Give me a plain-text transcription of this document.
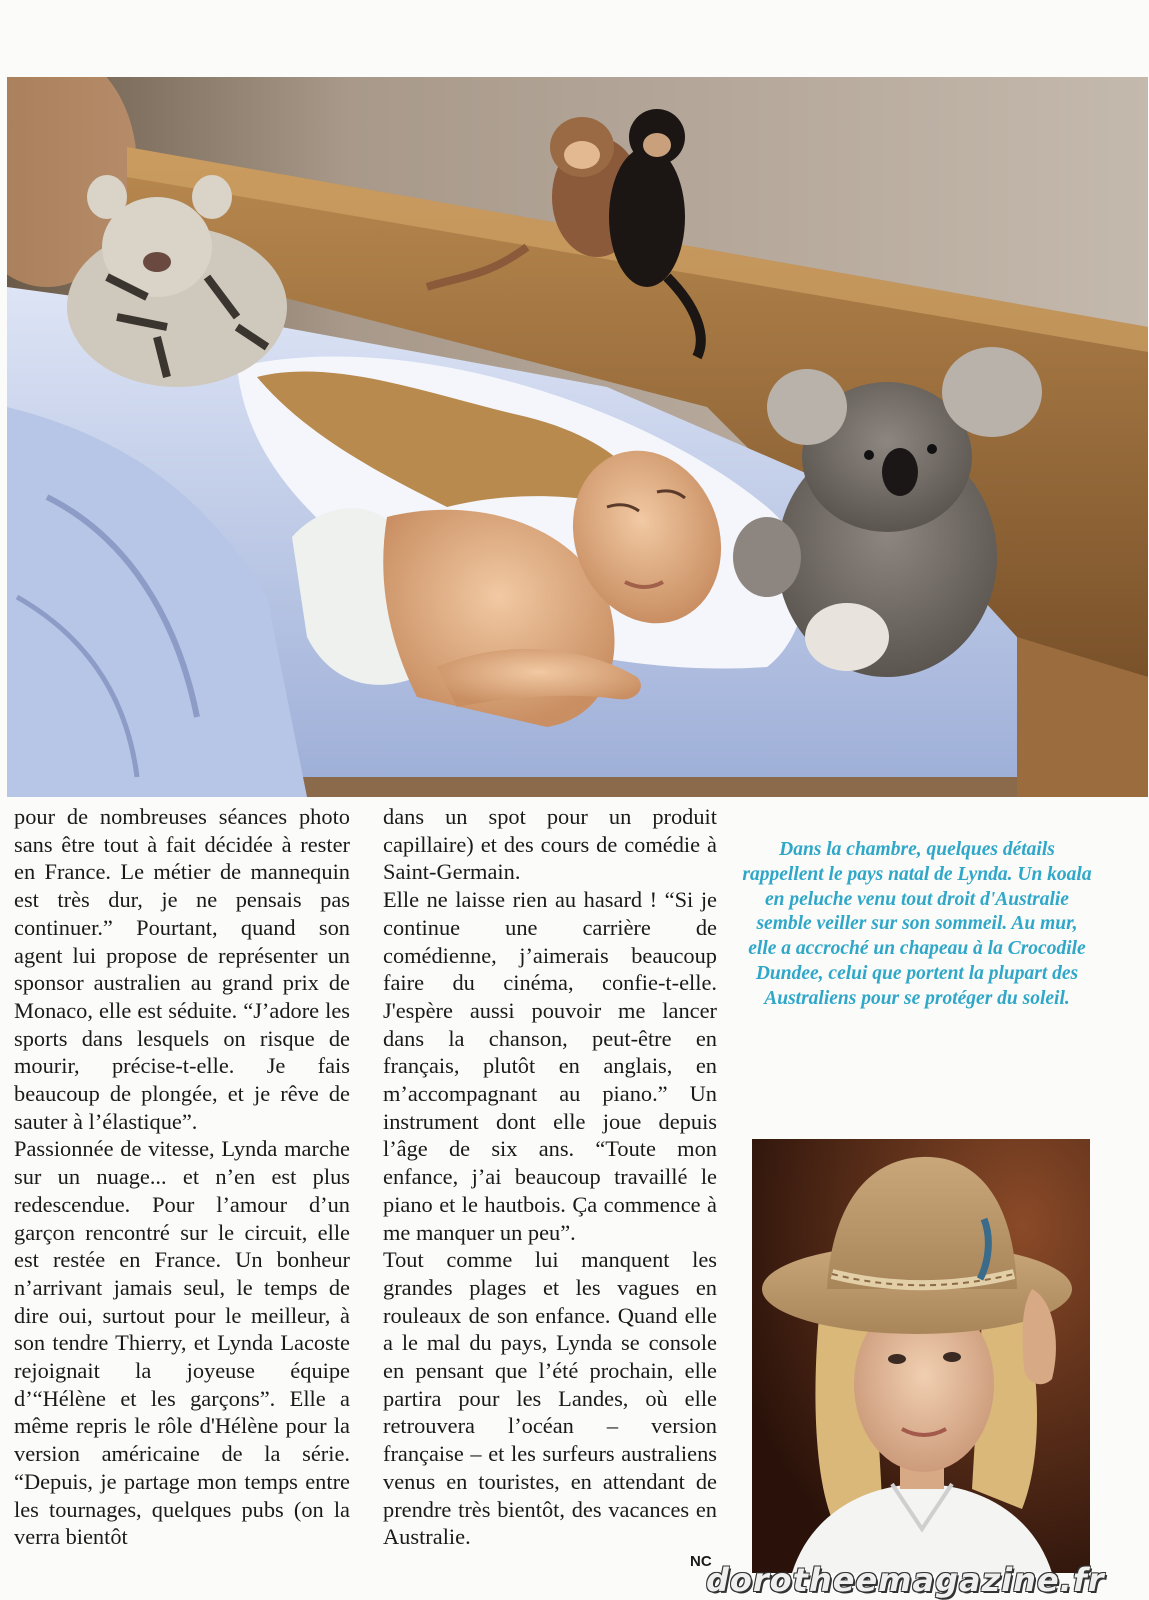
pour de nombreuses séances photo sans être tout à fait décidée à rester en France. Le métier de mannequin est très dur, je ne pensais pas continuer.” Pourtant, quand son agent lui propose de représenter un sponsor australien au grand prix de Monaco, elle est séduite. “J’adore les sports dans lesquels on risque de mourir, précise-t-elle. Je fais beaucoup de plongée, et je rêve de sauter à l’élastique”.

Passionnée de vitesse, Lynda marche sur un nuage... et n’en est plus redescendue. Pour l’amour d’un garçon rencontré sur le circuit, elle est restée en France. Un bonheur n’arrivant jamais seul, le temps de dire oui, surtout pour le meilleur, à son tendre Thierry, et Lynda Lacoste rejoignait la joyeuse équipe d’“Hélène et les garçons”. Elle a même repris le rôle d'Hélène pour la version américaine de la série. “Depuis, je partage mon temps entre les tournages, quelques pubs (on la verra bientôt

dans un spot pour un produit capillaire) et des cours de comédie à Saint-Germain.

Elle ne laisse rien au hasard ! “Si je continue une carrière de comédienne, j’aimerais beaucoup faire du cinéma, confie-t-elle. J'espère aussi pouvoir me lancer dans la chanson, peut-être en français, plutôt en anglais, en m’accompagnant au piano.” Un instrument dont elle joue depuis l’âge de six ans. “Toute mon enfance, j’ai beaucoup travaillé le piano et le hautbois. Ça commence à me manquer un peu”.

Tout comme lui manquent les grandes plages et les vagues en rouleaux de son enfance. Quand elle a le mal du pays, Lynda se console en pensant que l’été prochain, elle partira pour les Landes, où elle retrouvera l’océan – version française – et les surfeurs australiens venus en touristes, en attendant de prendre très bientôt, des vacances en Australie.

Dans la chambre, quelques détails rappellent le pays natal de Lynda. Un koala en peluche venu tout droit d'Australie semble veiller sur son sommeil. Au mur, elle a accroché un chapeau à la Crocodile Dundee, celui que portent la plupart des Australiens pour se protéger du soleil.
NC
dorotheemagazine.fr
